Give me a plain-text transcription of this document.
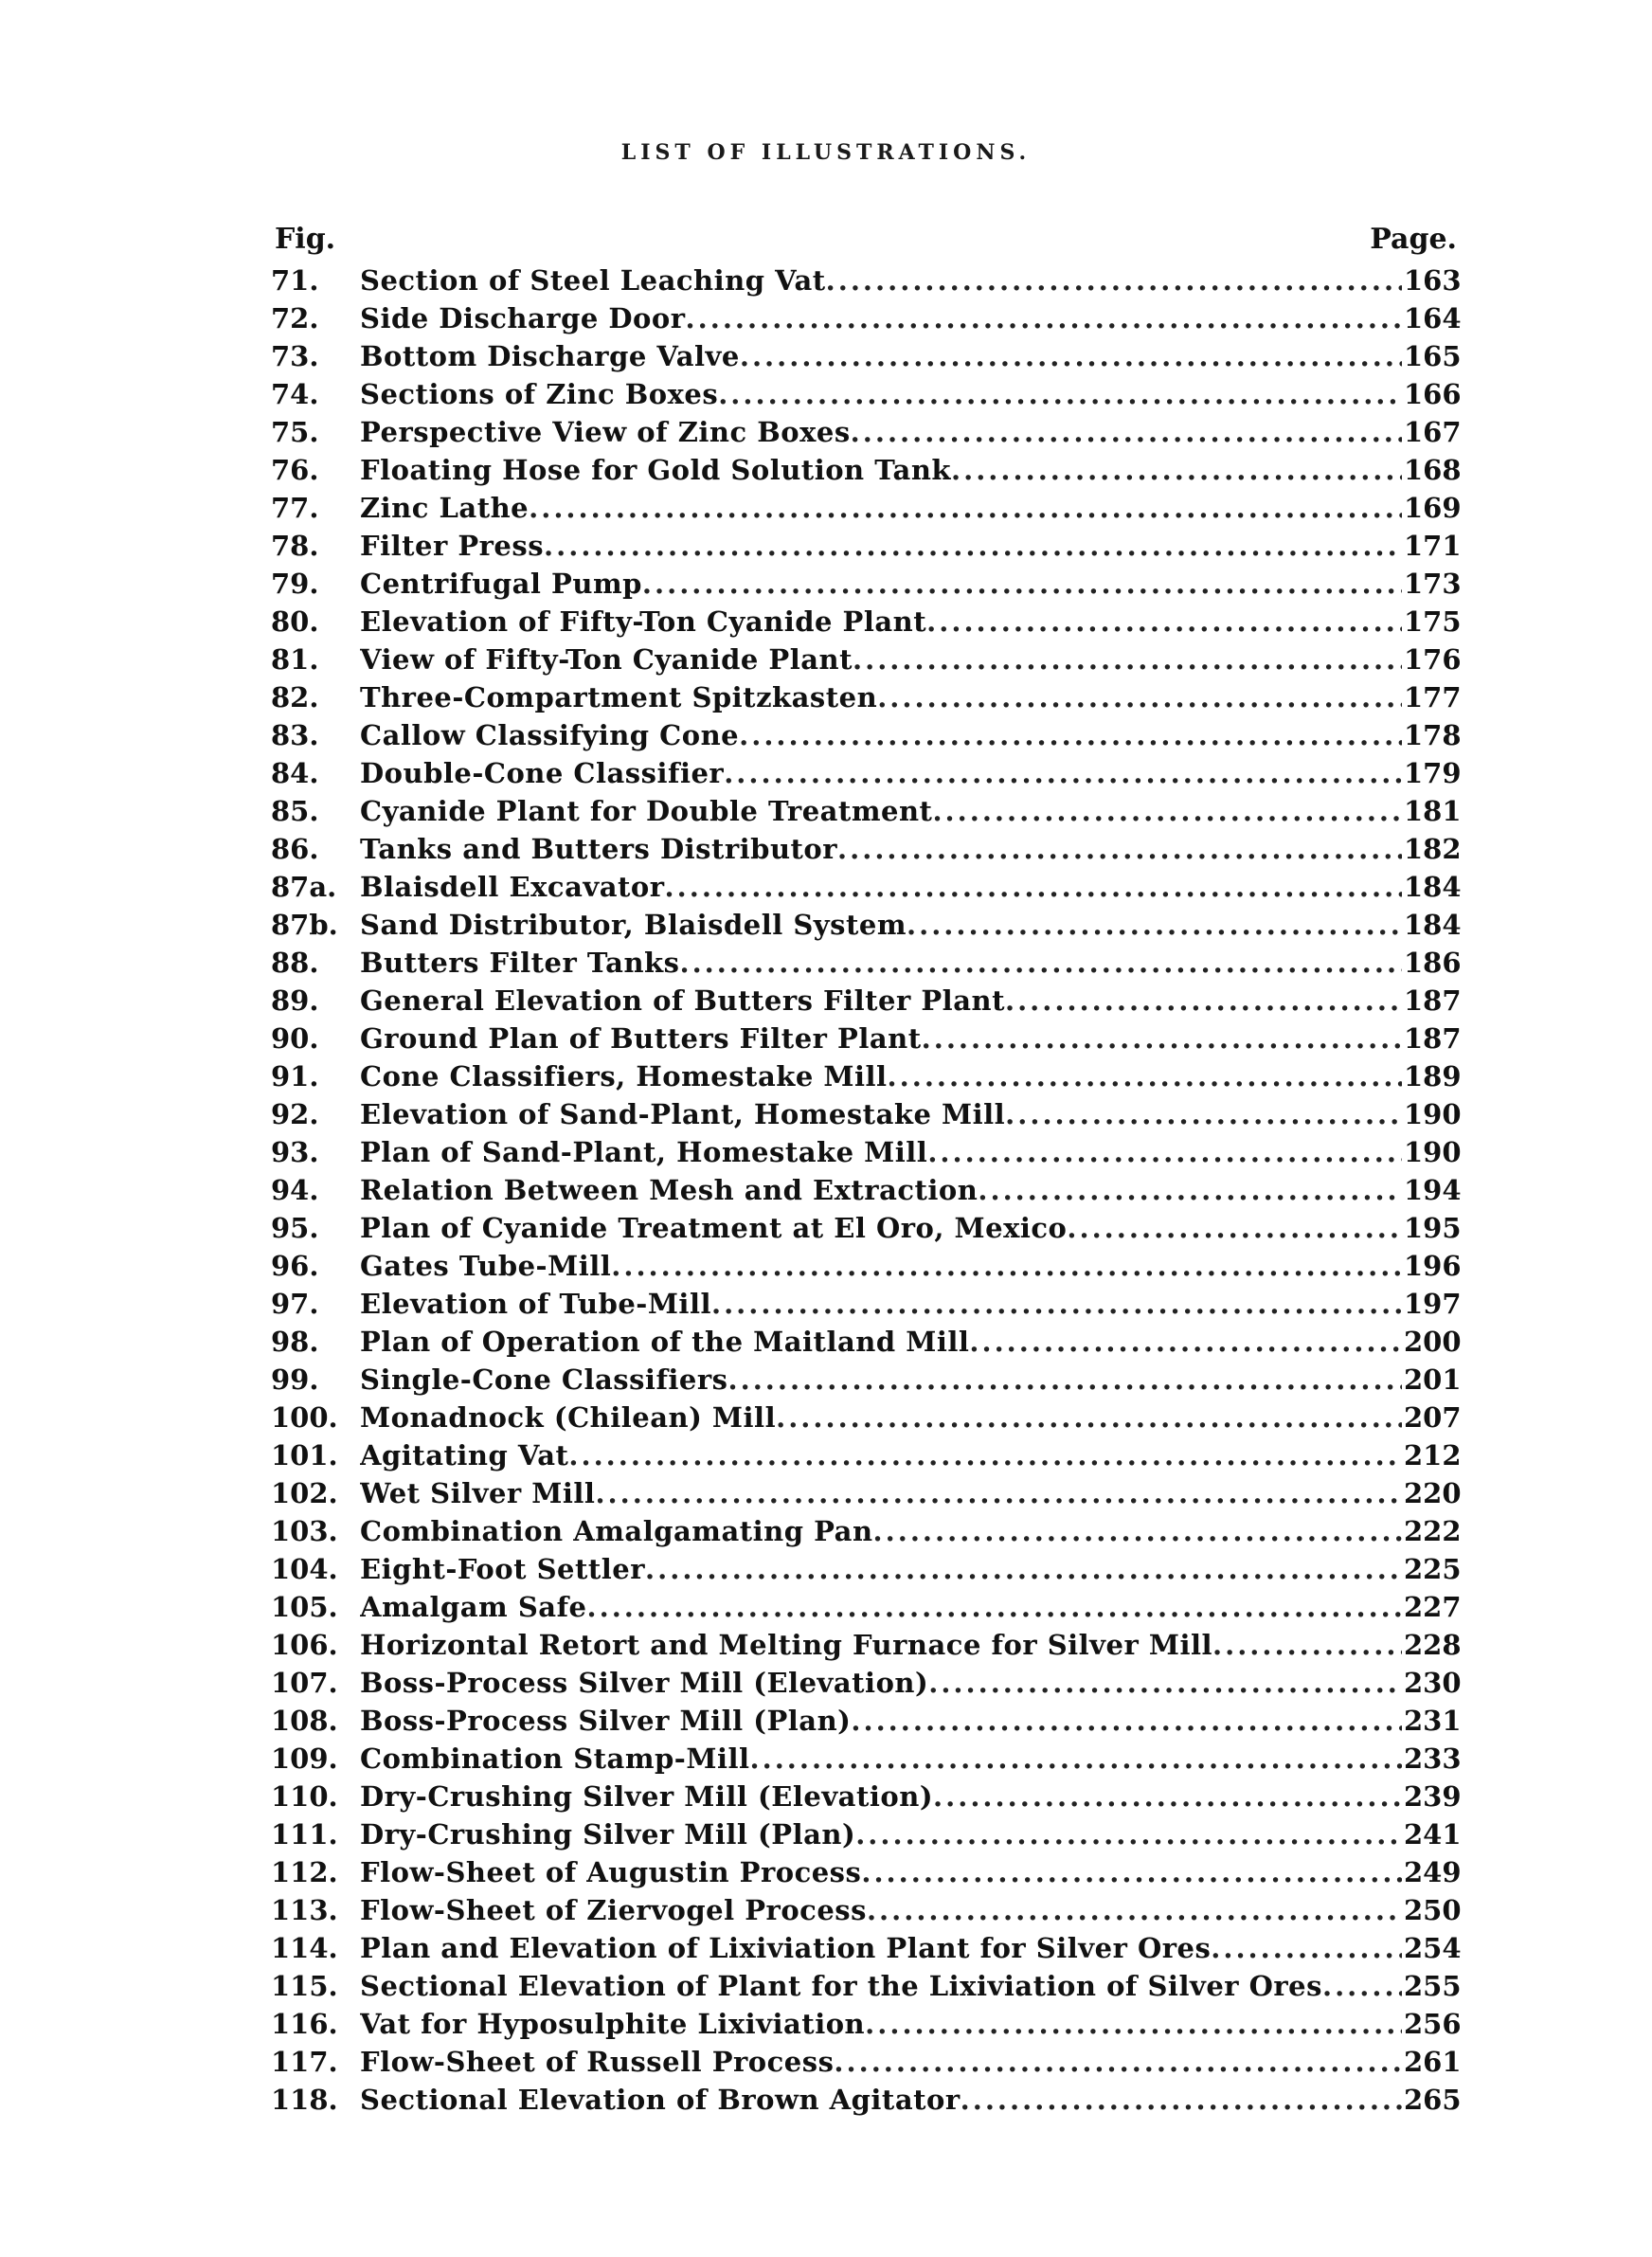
LIST OF ILLUSTRATIONS.
Fig.	Page.
71.	Section of Steel Leaching Vat .....	163
72.	Side Discharge Door .....	164
73.	Bottom Discharge Valve .....	165
74.	Sections of Zinc Boxes .....	166
75.	Perspective View of Zinc Boxes .....	167
76.	Floating Hose for Gold Solution Tank .....	168
77.	Zinc Lathe .....	169
78.	Filter Press .....	171
79.	Centrifugal Pump .....	173
80.	Elevation of Fifty-Ton Cyanide Plant .....	175
81.	View of Fifty-Ton Cyanide Plant .....	176
82.	Three-Compartment Spitzkasten .....	177
83.	Callow Classifying Cone .....	178
84.	Double-Cone Classifier .....	179
85.	Cyanide Plant for Double Treatment .....	181
86.	Tanks and Butters Distributor .....	182
87a. Blaisdell Excavator .....	184
87b. Sand Distributor, Blaisdell System .....	184
88.	Butters Filter Tanks .....	186
89.	General Elevation of Butters Filter Plant .....	187
90.	Ground Plan of Butters Filter Plant .....	187
91.	Cone Classifiers, Homestake Mill .....	189
92.	Elevation of Sand-Plant, Homestake Mill .....	190
93.	Plan of Sand-Plant, Homestake Mill .....	190
94.	Relation Between Mesh and Extraction .....	194
95.	Plan of Cyanide Treatment at El Oro, Mexico .....	195
96.	Gates Tube-Mill .....	196
97.	Elevation of Tube-Mill .....	197
98.	Plan of Operation of the Maitland Mill .....	200
99.	Single-Cone Classifiers .....	201
100. Monadnock (Chilean) Mill .....	207
101. Agitating Vat .....	212
102. Wet Silver Mill .....	220
103. Combination Amalgamating Pan .....	222
104. Eight-Foot Settler .....	225
105. Amalgam Safe .....	227
106. Horizontal Retort and Melting Furnace for Silver Mill .....	228
107. Boss-Process Silver Mill (Elevation) .....	230
108. Boss-Process Silver Mill (Plan) .....	231
109. Combination Stamp-Mill .....	233
110. Dry-Crushing Silver Mill (Elevation) .....	239
111. Dry-Crushing Silver Mill (Plan) .....	241
112. Flow-Sheet of Augustin Process .....	249
113. Flow-Sheet of Ziervogel Process .....	250
114. Plan and Elevation of Lixiviation Plant for Silver Ores .....	254
115. Sectional Elevation of Plant for the Lixiviation of Silver Ores .....	255
116. Vat for Hyposulphite Lixiviation .....	256
117. Flow-Sheet of Russell Process .....	261
118. Sectional Elevation of Brown Agitator .....	265
